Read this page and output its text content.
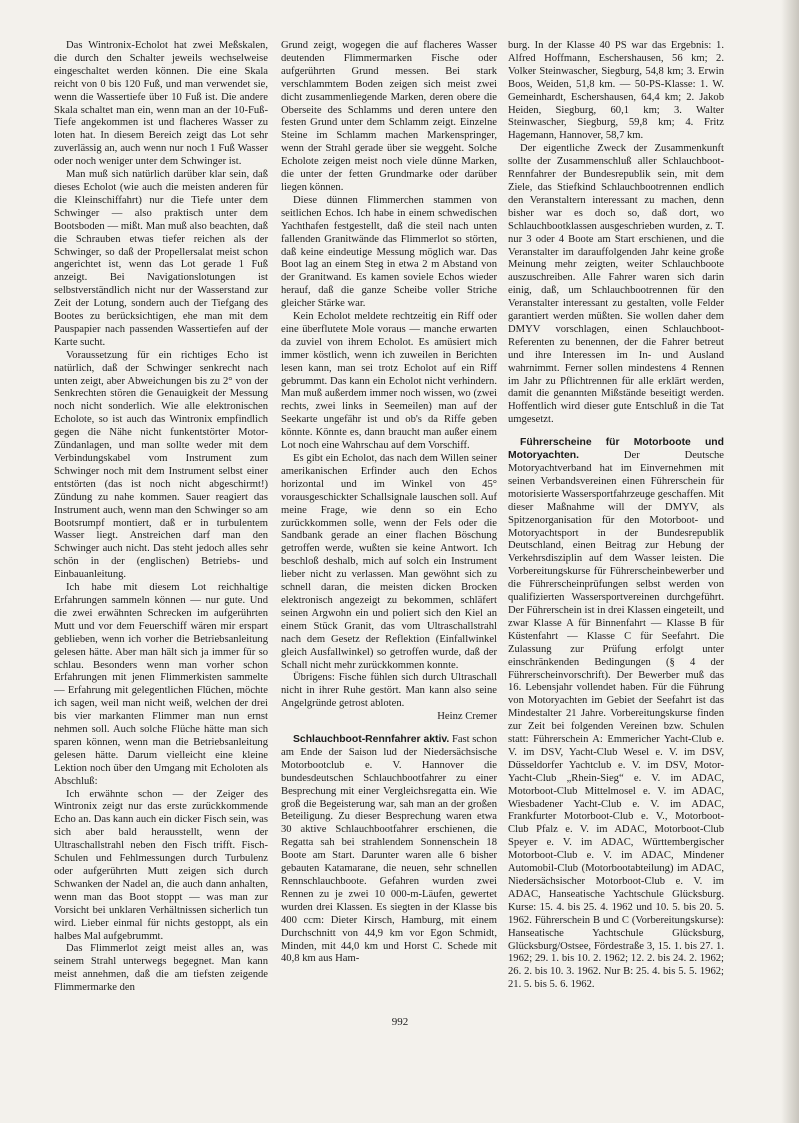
Das Wintronix-Echolot hat zwei Meßskalen, die durch den Schalter jeweils wechselweise eingeschaltet werden können. Die eine Skala reicht von 0 bis 120 Fuß, und man verwendet sie, wenn die Wassertiefe über 10 Fuß ist. Die andere Skala schaltet man ein, wenn man an der 10-Fuß-Tiefe angekommen ist und flacheres Wasser zu loten hat. In diesem Bereich zeigt das Lot sehr zuverlässig an, auch wenn nur noch 1 Fuß Wasser oder noch weniger unter dem Schwinger ist.

Man muß sich natürlich darüber klar sein, daß dieses Echolot (wie auch die meisten anderen für die Kleinschiffahrt) nur die Tiefe unter dem Schwinger — also praktisch unter dem Bootsboden — mißt. Man muß also beachten, daß die Schrauben etwas tiefer reichen als der Schwinger, so daß der Propellersalat meist schon angerichtet ist, wenn das Lot gerade 1 Fuß anzeigt. Bei Navigationslotungen ist selbstverständlich nicht nur der Wasserstand zur Zeit der Lotung, sondern auch der Tiefgang des Bootes zu berücksichtigen, ehe man mit dem Pauspapier nach passenden Wassertiefen auf der Karte sucht.

Voraussetzung für ein richtiges Echo ist natürlich, daß der Schwinger senkrecht nach unten zeigt, aber Abweichungen bis zu 2° von der Senkrechten stören die Genauigkeit der Messung noch nicht sonderlich. Wie alle elektronischen Echolote, so ist auch das Wintronix empfindlich gegen die Nähe nicht funkentstörter Motor-Zündanlagen, und man sollte weder mit dem Verbindungskabel vom Instrument zum Schwinger noch mit dem Instrument selbst einer entstörten (das ist noch nicht abgeschirmt!) Zündung zu nahe kommen. Sauer reagiert das Instrument auch, wenn man den Schwinger so am Bootsrumpf montiert, daß er in turbulentem Wasser liegt. Anstreichen darf man den Schwinger auch nicht. Das steht jedoch alles sehr schön in der (englischen) Betriebs- und Einbauanleitung.

Ich habe mit diesem Lot reichhaltige Erfahrungen sammeln können — nur gute. Und die zwei erwähnten Schrecken im aufgerührten Mutt und vor dem Feuerschiff wären mir erspart geblieben, wenn ich vorher die Betriebsanleitung gelesen hätte. Aber man hält sich ja immer für so schlau. Besonders wenn man vorher schon Erfahrungen mit jenen Flimmerkisten sammelte — Erfahrung mit gelegentlichen Flüchen, möchte ich sagen, weil man nicht weiß, welchen der drei bis vier markanten Flimmer man nun ernst nehmen soll. Auch solche Flüche hätte man sich sparen können, wenn man die Betriebsanleitung gelesen hätte. Darum vielleicht eine kleine Lektion noch über den Umgang mit Echoloten als Abschluß:

Ich erwähnte schon — der Zeiger des Wintronix zeigt nur das erste zurückkommende Echo an. Das kann auch ein dicker Fisch sein, was sich aber bald herausstellt, wenn der Ultraschallstrahl neben den Fisch trifft. Fisch-Schulen und Fehlmessungen durch Turbulenz oder aufgerührten Mutt zeigen sich durch Schwanken der Nadel an, die auch dann anhalten, wenn man das Boot stoppt — was man zur Vorsicht bei unklaren Verhältnissen sicherlich tun wird. Lieber einmal für nichts gestoppt, als ein halbes Mal aufgebrummt.

Das Flimmerlot zeigt meist alles an, was seinem Strahl unterwegs begegnet. Man kann meist annehmen, daß die am tiefsten zeigende Flimmermarke den

Grund zeigt, wogegen die auf flacheres Wasser deutenden Flimmermarken Fische oder aufgerührten Grund messen. Bei stark verschlammtem Boden zeigen sich meist zwei dicht zusammenliegende Marken, deren obere die Oberseite des Schlamms und deren untere den festen Grund unter dem Schlamm zeigt. Einzelne Steine im Schlamm machen Markenspringer, wenn der Strahl gerade über sie weggeht. Solche Echolote zeigen meist noch viele dünne Marken, die unter der fetten Grundmarke oder darüber liegen können.

Diese dünnen Flimmerchen stammen von seitlichen Echos. Ich habe in einem schwedischen Yachthafen festgestellt, daß die steil nach unten fallenden Granitwände das Flimmerlot so störten, daß keine eindeutige Messung möglich war. Das Boot lag an einem Steg in etwa 2 m Abstand von der Granitwand. Es kamen soviele Echos wieder herauf, daß die ganze Scheibe voller Striche gleicher Stärke war.

Kein Echolot meldete rechtzeitig ein Riff oder eine überflutete Mole voraus — manche erwarten da zuviel von ihrem Echolot. Es amüsiert mich immer köstlich, wenn ich zuweilen in Berichten lesen kann, man sei trotz Echolot auf ein Riff gebrummt. Das kann ein Echolot nicht verhindern. Man muß außerdem immer noch wissen, wo (zwei rechts, zwei links in Seemeilen) man auf der Seekarte ungefähr ist und ob's da Riffe geben könnte. Könnte es, dann braucht man außer einem Lot noch eine Wahrschau auf dem Vorschiff.

Es gibt ein Echolot, das nach dem Willen seiner amerikanischen Erfinder auch den Echos horizontal und im Winkel von 45° vorausgeschickter Schallsignale lauschen soll. Auf meine Frage, wie denn so ein Echo zurückkommen solle, wenn der Fels oder die Sandbank gerade an einer flachen Böschung getroffen werde, wußten sie keine Antwort. Ich beschloß deshalb, mich auf solch ein Instrument lieber nicht zu verlassen. Man gewöhnt sich zu schnell daran, die meisten dicken Brocken elektronisch angezeigt zu bekommen, schläfert seinen Argwohn ein und poliert sich den Kiel an einem Stück Granit, das vom Ultraschallstrahl nach dem Gesetz der Reflektion (Einfallwinkel gleich Ausfallwinkel) so getroffen wurde, daß der Schall nicht mehr zurückkommen konnte.

Übrigens: Fische fühlen sich durch Ultraschall nicht in ihrer Ruhe gestört. Man kann also seine Angelgründe getrost abloten.

Heinz Cremer

Schlauchboot-Rennfahrer aktiv. Fast schon am Ende der Saison lud der Niedersächsische Motorbootclub e. V. Hannover die bundesdeutschen Schlauchbootfahrer zu einer Besprechung mit einer Vergleichsregatta ein. Wie groß die Begeisterung war, sah man an der großen Beteiligung. Zu dieser Besprechung waren etwa 30 aktive Schlauchbootfahrer erschienen, die Regatta sah bei strahlendem Sonnenschein 18 Boote am Start. Darunter waren alle 6 bisher gebauten Katamarane, die neuen, sehr schnellen Rennschlauchboote. Gefahren wurden zwei Rennen zu je zwei 10 000-m-Läufen, gewertet wurden drei Klassen. Es siegten in der Klasse bis 400 ccm: Dieter Kirsch, Hamburg, mit einem Durchschnitt von 44,9 km vor Egon Schmidt, Minden, mit 44,0 km und Horst C. Schede mit 40,8 km aus Ham-

burg. In der Klasse 40 PS war das Ergebnis: 1. Alfred Hoffmann, Eschershausen, 56 km; 2. Volker Steinwascher, Siegburg, 54,8 km; 3. Erwin Boos, Weiden, 51,8 km. — 50-PS-Klasse: 1. W. Gemeinhardt, Eschershausen, 64,4 km; 2. Jakob Heiden, Siegburg, 60,1 km; 3. Walter Steinwascher, Siegburg, 59,8 km; 4. Fritz Hagemann, Hannover, 58,7 km.

Der eigentliche Zweck der Zusammenkunft sollte der Zusammenschluß aller Schlauchboot-Rennfahrer der Bundesrepublik sein, mit dem Ziele, das Stiefkind Schlauchbootrennen endlich den Veranstaltern interessant zu machen, denn bisher war es doch so, daß dort, wo Schlauchbootklassen ausgeschrieben wurden, z. T. nur 3 oder 4 Boote am Start erschienen, und die Veranstalter im darauffolgenden Jahr keine große Meinung mehr zeigten, weiter Schlauchboote auszuschreiben. Alle Fahrer waren sich darin einig, daß, um Schlauchbootrennen für den Veranstalter interessant zu gestalten, volle Felder garantiert werden müßten. Sie wollen daher dem DMYV vorschlagen, einen Schlauchboot-Referenten zu benennen, der die Fahrer betreut und ihre Interessen im In- und Ausland wahrnimmt. Ferner sollen mindestens 4 Rennen im Jahr zu Pflichtrennen für alle erklärt werden, damit die genannten Mißstände beseitigt werden. Hoffentlich wird dieser gute Entschluß in die Tat umgesetzt.

Führerscheine für Motorboote und Motoryachten.	Der Deutsche Motoryachtverband hat im Einvernehmen mit seinen Verbandsvereinen einen Führerschein für motorisierte Wassersportfahrzeuge geschaffen. Mit dieser Maßnahme will der DMYV, als Spitzenorganisation für den Motorboot- und Motoryachtsport in der Bundesrepublik Deutschland, einen Beitrag zur Hebung der Verkehrsdisziplin auf dem Wasser leisten. Die Vorbereitungskurse für Führerscheinbewerber und die Führerscheinprüfungen selbst werden von qualifizierten Wassersportvereinen durchgeführt. Der Führerschein ist in drei Klassen eingeteilt, und zwar Klasse A für Binnenfahrt — Klasse B für Küstenfahrt — Klasse C für Seefahrt. Die Zulassung zur Prüfung erfolgt unter einschränkenden Bedingungen (§ 4 der Führerscheinvorschrift). Der Bewerber muß das 16. Lebensjahr vollendet haben. Für die Führung von Motoryachten im Gebiet der Seefahrt ist das Mindestalter 21 Jahre. Vorbereitungskurse finden zur Zeit bei folgenden Vereinen bzw. Schulen statt: Führerschein A: Emmericher Yacht-Club e. V. im DSV, Yacht-Club Wesel e. V. im DSV, Düsseldorfer Yachtclub e. V. im DSV, Motor-Yacht-Club „Rhein-Sieg“ e. V. im ADAC, Motorboot-Club Mittelmosel e. V. im ADAC, Wiesbadener Yacht-Club e. V. im ADAC, Frankfurter Motorboot-Club e. V., Motorboot-Club Pfalz e. V. im ADAC, Motorboot-Club Speyer e. V. im ADAC, Württembergischer Motorboot-Club e. V. im ADAC, Mindener Automobil-Club (Motorbootabteilung) im ADAC, Niedersächsischer Motorboot-Club e. V. im ADAC, Hanseatische Yachtschule Glücksburg. Kurse: 15. 4. bis 25. 4. 1962 und 10. 5. bis 20. 5. 1962. Führerschein B und C (Vorbereitungskurse): Hanseatische Yachtschule Glücksburg, Glücksburg/Ostsee, Fördestraße 3, 15. 1. bis 27. 1. 1962; 29. 1. bis 10. 2. 1962; 12. 2. bis 24. 2. 1962; 26. 2. bis 10. 3. 1962. Nur B: 25. 4. bis 5. 5. 1962; 21. 5. bis 5. 6. 1962.

992
